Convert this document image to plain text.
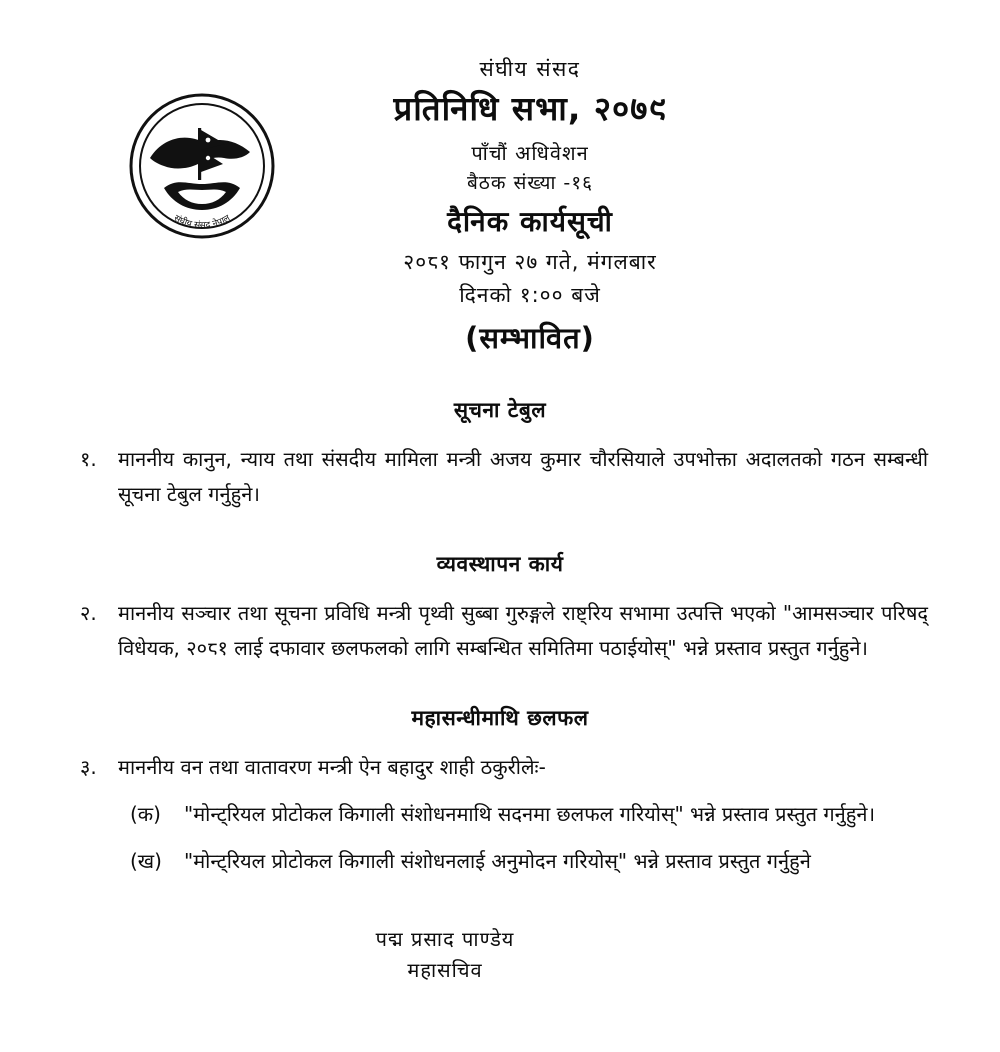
संघीय संसद नेपाल
संघीय संसद
प्रतिनिधि सभा, २०७९
पाँचौं अधिवेशन
बैठक संख्या -१६
दैनिक कार्यसूची
२०८१ फागुन २७ गते, मंगलबार
दिनको १:०० बजे
(सम्भावित)
सूचना टेबुल
१.	माननीय कानुन, न्याय तथा संसदीय मामिला मन्त्री अजय कुमार चौरसियाले उपभोक्ता अदालतको गठन सम्बन्धी सूचना टेबुल गर्नुहुने।
व्यवस्थापन कार्य
२.	माननीय सञ्चार तथा सूचना प्रविधि मन्त्री पृथ्वी सुब्बा गुरुङ्गले राष्ट्रिय सभामा उत्पत्ति भएको "आमसञ्चार परिषद् विधेयक, २०८१ लाई दफावार छलफलको लागि सम्बन्धित समितिमा पठाईयोस्" भन्ने प्रस्ताव प्रस्तुत गर्नुहुने।
महासन्धीमाथि छलफल
३.	माननीय वन तथा वातावरण मन्त्री ऐन बहादुर शाही ठकुरीलेः-
(क)	"मोन्ट्रियल प्रोटोकल किगाली संशोधनमाथि सदनमा छलफल गरियोस्" भन्ने प्रस्ताव प्रस्तुत गर्नुहुने।
(ख)	"मोन्ट्रियल प्रोटोकल किगाली संशोधनलाई अनुमोदन गरियोस्" भन्ने प्रस्ताव प्रस्तुत गर्नुहुने
पद्म प्रसाद पाण्डेय
महासचिव
